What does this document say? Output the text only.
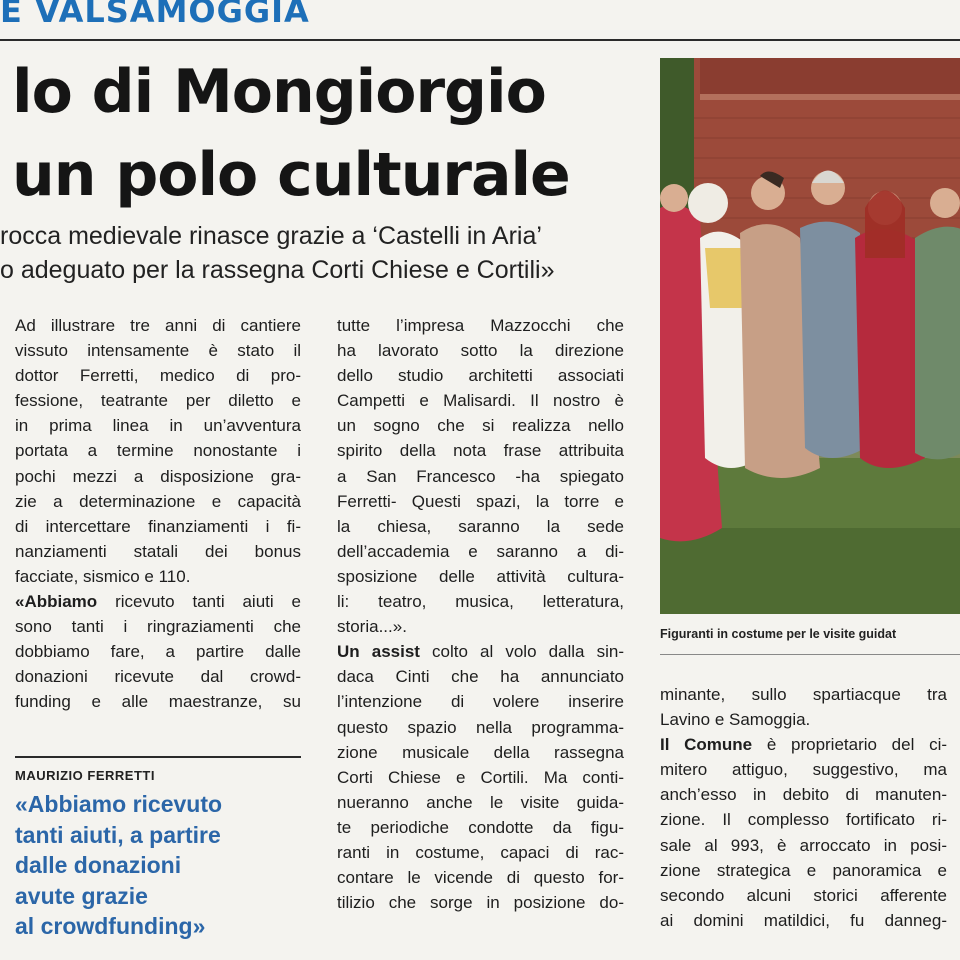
E VALSAMOGGIA
lo di Mongiorgio
un polo culturale
rocca medievale rinasce grazie a ‘Castelli in Aria’
o adeguato per la rassegna Corti Chiese e Cortili»

Ad illustrare tre anni di cantiere

vissuto intensamente è stato il

dottor Ferretti, medico di pro-

fessione, teatrante per diletto e

in prima linea in un’avventura

portata a termine nonostante i

pochi mezzi a disposizione gra-

zie a determinazione e capacità

di intercettare finanziamenti i fi-

nanziamenti statali dei bonus

facciate, sismico e 110.

«Abbiamo ricevuto tanti aiuti e

sono tanti i ringraziamenti che

dobbiamo fare, a partire dalle

donazioni ricevute dal crowd-

funding e alle maestranze, su

MAURIZIO FERRETTI
«Abbiamo ricevuto
tanti aiuti, a partire
dalle donazioni
avute grazie
al crowdfunding»

tutte l’impresa Mazzocchi che

ha lavorato sotto la direzione

dello studio architetti associati

Campetti e Malisardi. Il nostro è

un sogno che si realizza nello

spirito della nota frase attribuita

a San Francesco -ha spiegato

Ferretti- Questi spazi, la torre e

la chiesa, saranno la sede

dell’accademia e saranno a di-

sposizione delle attività cultura-

li: teatro, musica, letteratura,

storia...».

Un assist colto al volo dalla sin-

daca Cinti che ha annunciato

l’intenzione di volere inserire

questo spazio nella programma-

zione musicale della rassegna

Corti Chiese e Cortili. Ma conti-

nueranno anche le visite guida-

te periodiche condotte da figu-

ranti in costume, capaci di rac-

contare le vicende di questo for-

tilizio che sorge in posizione do-

Figuranti in costume per le visite guidat

minante, sullo spartiacque tra

Lavino e Samoggia.

Il Comune è proprietario del ci-

mitero attiguo, suggestivo, ma

anch’esso in debito di manuten-

zione. Il complesso fortificato ri-

sale al 993, è arroccato in posi-

zione strategica e panoramica e

secondo alcuni storici afferente

ai domini matildici, fu danneg-
